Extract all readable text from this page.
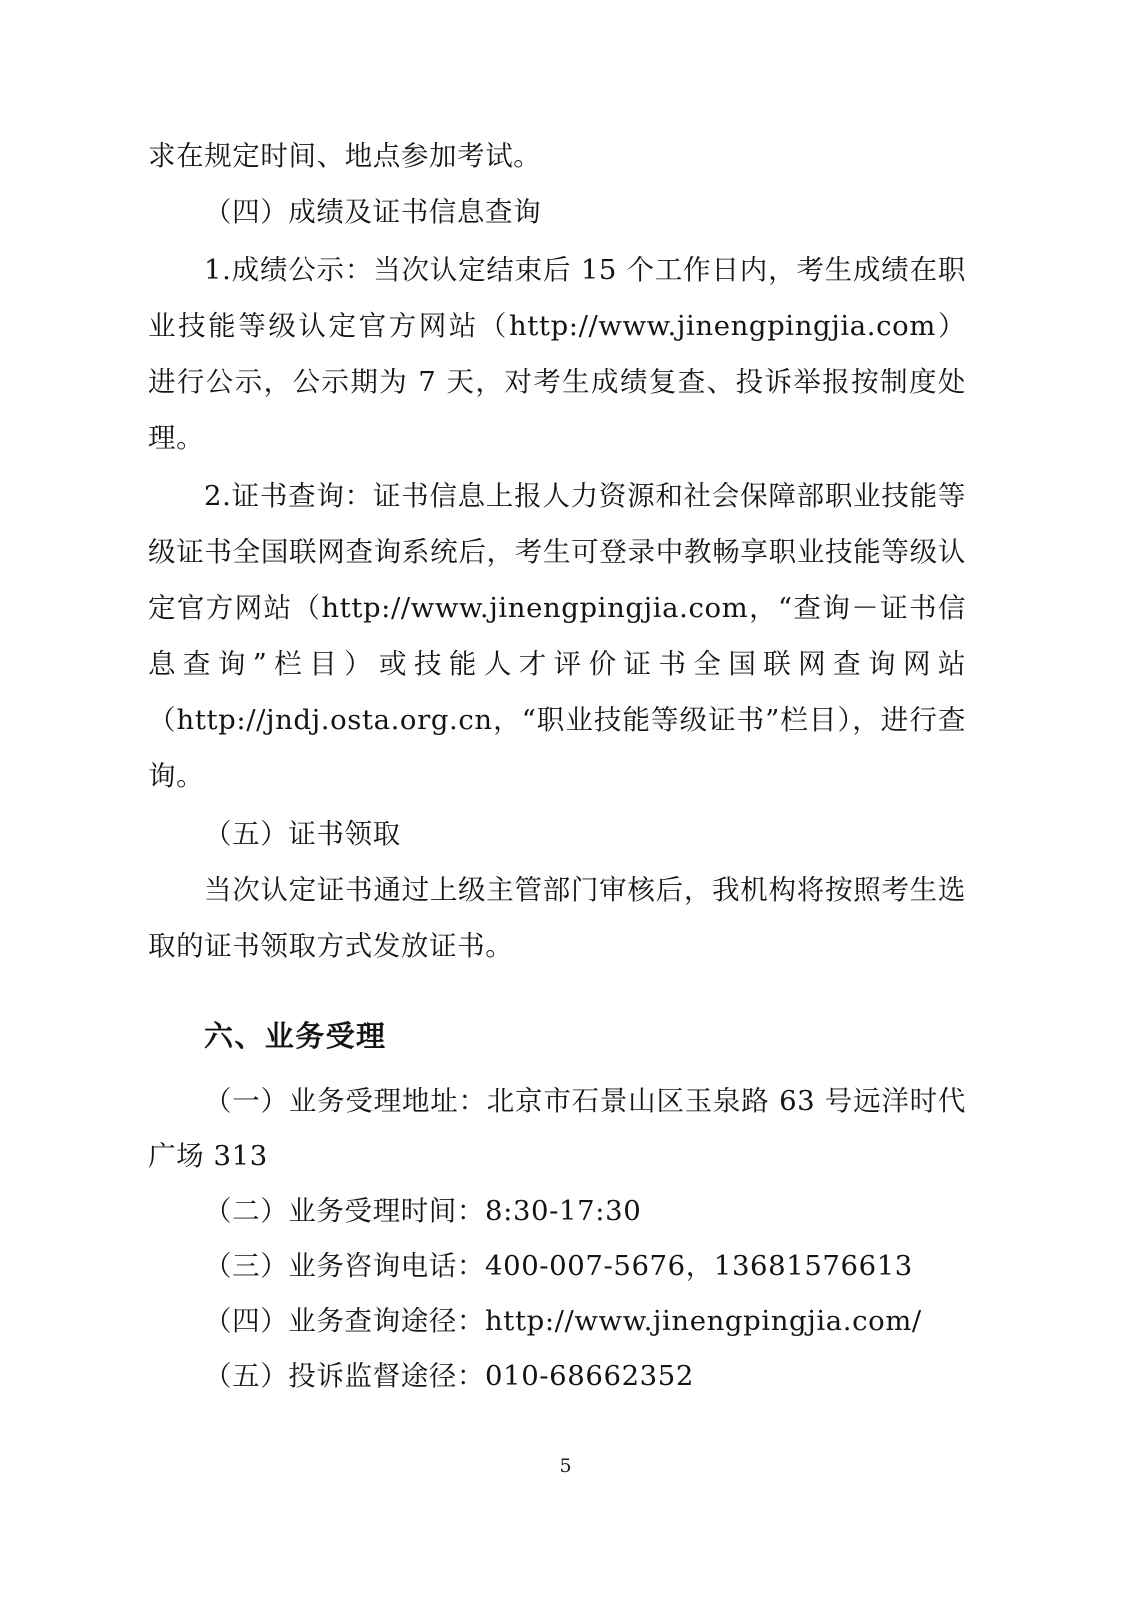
求在规定时间、地点参加考试。

（四）成绩及证书信息查询

1.成绩公示：当次认定结束后 15 个工作日内，考生成绩在职业技能等级认定官方网站（http://www.jinengpingjia.com）进行公示，公示期为 7 天，对考生成绩复查、投诉举报按制度处理。

2.证书查询：证书信息上报人力资源和社会保障部职业技能等级证书全国联网查询系统后，考生可登录中教畅享职业技能等级认定官方网站（http://www.jinengpingjia.com，“查询－证书信息查询”栏目）或技能人才评价证书全国联网查询网站（http://jndj.osta.org.cn，“职业技能等级证书”栏目），进行查询。

（五）证书领取

当次认定证书通过上级主管部门审核后，我机构将按照考生选取的证书领取方式发放证书。

六、业务受理

（一）业务受理地址：北京市石景山区玉泉路 63 号远洋时代广场 313

（二）业务受理时间：8:30-17:30

（三）业务咨询电话：400-007-5676，13681576613

（四）业务查询途径：http://www.jinengpingjia.com/

（五）投诉监督途径：010-68662352

5
